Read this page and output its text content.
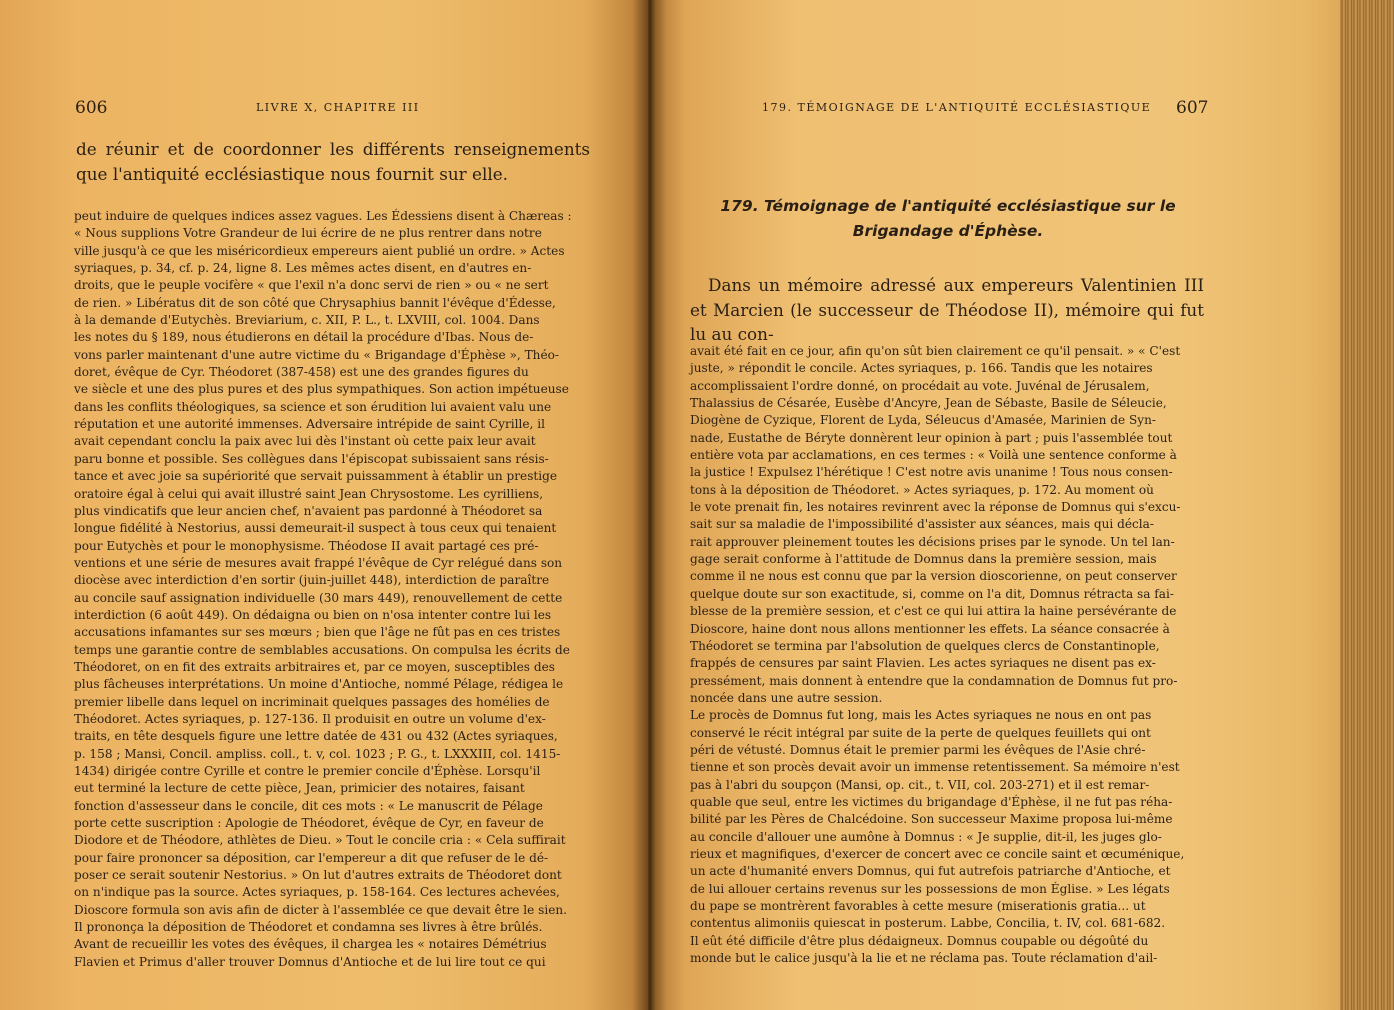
606	LIVRE X, CHAPITRE III
de réunir et de coordonner les différents renseignements que l'antiquité ecclésiastique nous fournit sur elle.
peut induire de quelques indices assez vagues. Les Édessiens disent à Chæreas :
« Nous supplions Votre Grandeur de lui écrire de ne plus rentrer dans notre
ville jusqu'à ce que les miséricordieux empereurs aient publié un ordre. » Actes
syriaques, p. 34, cf. p. 24, ligne 8. Les mêmes actes disent, en d'autres en-
droits, que le peuple vocifère « que l'exil n'a donc servi de rien » ou « ne sert
de rien. » Libératus dit de son côté que Chrysaphius bannit l'évêque d'Édesse,
à la demande d'Eutychès. Breviarium, c. XII, P. L., t. LXVIII, col. 1004. Dans
les notes du § 189, nous étudierons en détail la procédure d'Ibas. Nous de-
vons parler maintenant d'une autre victime du « Brigandage d'Éphèse », Théo-
doret, évêque de Cyr. Théodoret (387-458) est une des grandes figures du
ve siècle et une des plus pures et des plus sympathiques. Son action impétueuse
dans les conflits théologiques, sa science et son érudition lui avaient valu une
réputation et une autorité immenses. Adversaire intrépide de saint Cyrille, il
avait cependant conclu la paix avec lui dès l'instant où cette paix leur avait
paru bonne et possible. Ses collègues dans l'épiscopat subissaient sans résis-
tance et avec joie sa supériorité que servait puissamment à établir un prestige
oratoire égal à celui qui avait illustré saint Jean Chrysostome. Les cyrilliens,
plus vindicatifs que leur ancien chef, n'avaient pas pardonné à Théodoret sa
longue fidélité à Nestorius, aussi demeurait-il suspect à tous ceux qui tenaient
pour Eutychès et pour le monophysisme. Théodose II avait partagé ces pré-
ventions et une série de mesures avait frappé l'évêque de Cyr relégué dans son
diocèse avec interdiction d'en sortir (juin-juillet 448), interdiction de paraître
au concile sauf assignation individuelle (30 mars 449), renouvellement de cette
interdiction (6 août 449). On dédaigna ou bien on n'osa intenter contre lui les
accusations infamantes sur ses mœurs ; bien que l'âge ne fût pas en ces tristes
temps une garantie contre de semblables accusations. On compulsa les écrits de
Théodoret, on en fit des extraits arbitraires et, par ce moyen, susceptibles des
plus fâcheuses interprétations. Un moine d'Antioche, nommé Pélage, rédigea le
premier libelle dans lequel on incriminait quelques passages des homélies de
Théodoret. Actes syriaques, p. 127-136. Il produisit en outre un volume d'ex-
traits, en tête desquels figure une lettre datée de 431 ou 432 (Actes syriaques,
p. 158 ; Mansi, Concil. ampliss. coll., t. v, col. 1023 ; P. G., t. LXXXIII, col. 1415-
1434) dirigée contre Cyrille et contre le premier concile d'Éphèse. Lorsqu'il
eut terminé la lecture de cette pièce, Jean, primicier des notaires, faisant
fonction d'assesseur dans le concile, dit ces mots : « Le manuscrit de Pélage
porte cette suscription : Apologie de Théodoret, évêque de Cyr, en faveur de
Diodore et de Théodore, athlètes de Dieu. » Tout le concile cria : « Cela suffirait
pour faire prononcer sa déposition, car l'empereur a dit que refuser de le dé-
poser ce serait soutenir Nestorius. » On lut d'autres extraits de Théodoret dont
on n'indique pas la source. Actes syriaques, p. 158-164. Ces lectures achevées,
Dioscore formula son avis afin de dicter à l'assemblée ce que devait être le sien.
Il prononça la déposition de Théodoret et condamna ses livres à être brûlés.
Avant de recueillir les votes des évêques, il chargea les « notaires Démétrius
Flavien et Primus d'aller trouver Domnus d'Antioche et de lui lire tout ce qui
179. TÉMOIGNAGE DE L'ANTIQUITÉ ECCLÉSIASTIQUE 607
179. Témoignage de l'antiquité ecclésiastique sur le Brigandage d'Éphèse.
Dans un mémoire adressé aux empereurs Valentinien III et Marcien (le successeur de Théodose II), mémoire qui fut lu au con-
avait été fait en ce jour, afin qu'on sût bien clairement ce qu'il pensait. » « C'est
juste, » répondit le concile. Actes syriaques, p. 166. Tandis que les notaires
accomplissaient l'ordre donné, on procédait au vote. Juvénal de Jérusalem,
Thalassius de Césarée, Eusèbe d'Ancyre, Jean de Sébaste, Basile de Séleucie,
Diogène de Cyzique, Florent de Lyda, Séleucus d'Amasée, Marinien de Syn-
nade, Eustathe de Béryte donnèrent leur opinion à part ; puis l'assemblée tout
entière vota par acclamations, en ces termes : « Voilà une sentence conforme à
la justice ! Expulsez l'hérétique ! C'est notre avis unanime ! Tous nous consen-
tons à la déposition de Théodoret. » Actes syriaques, p. 172. Au moment où
le vote prenait fin, les notaires revinrent avec la réponse de Domnus qui s'excu-
sait sur sa maladie de l'impossibilité d'assister aux séances, mais qui décla-
rait approuver pleinement toutes les décisions prises par le synode. Un tel lan-
gage serait conforme à l'attitude de Domnus dans la première session, mais
comme il ne nous est connu que par la version dioscorienne, on peut conserver
quelque doute sur son exactitude, si, comme on l'a dit, Domnus rétracta sa fai-
blesse de la première session, et c'est ce qui lui attira la haine persévérante de
Dioscore, haine dont nous allons mentionner les effets. La séance consacrée à
Théodoret se termina par l'absolution de quelques clercs de Constantinople,
frappés de censures par saint Flavien. Les actes syriaques ne disent pas ex-
pressément, mais donnent à entendre que la condamnation de Domnus fut pro-
noncée dans une autre session.
Le procès de Domnus fut long, mais les Actes syriaques ne nous en ont pas
conservé le récit intégral par suite de la perte de quelques feuillets qui ont
péri de vétusté. Domnus était le premier parmi les évêques de l'Asie chré-
tienne et son procès devait avoir un immense retentissement. Sa mémoire n'est
pas à l'abri du soupçon (Mansi, op. cit., t. VII, col. 203-271) et il est remar-
quable que seul, entre les victimes du brigandage d'Éphèse, il ne fut pas réha-
bilité par les Pères de Chalcédoine. Son successeur Maxime proposa lui-même
au concile d'allouer une aumône à Domnus : « Je supplie, dit-il, les juges glo-
rieux et magnifiques, d'exercer de concert avec ce concile saint et œcuménique,
un acte d'humanité envers Domnus, qui fut autrefois patriarche d'Antioche, et
de lui allouer certains revenus sur les possessions de mon Église. » Les légats
du pape se montrèrent favorables à cette mesure (miserationis gratia... ut
contentus alimoniis quiescat in posterum. Labbe, Concilia, t. IV, col. 681-682.
Il eût été difficile d'être plus dédaigneux. Domnus coupable ou dégoûté du
monde but le calice jusqu'à la lie et ne réclama pas. Toute réclamation d'ail-
